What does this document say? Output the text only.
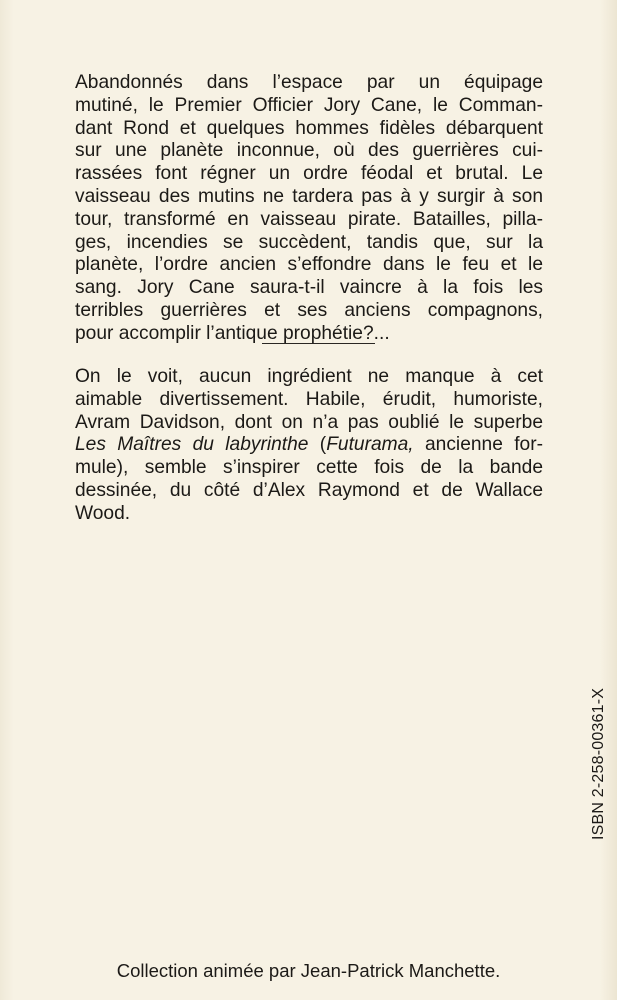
Abandonnés dans l’espace par un équipage
mutiné, le Premier Officier Jory Cane, le Comman-
dant Rond et quelques hommes fidèles débarquent
sur une planète inconnue, où des guerrières cui-
rassées font régner un ordre féodal et brutal. Le
vaisseau des mutins ne tardera pas à y surgir à son
tour, transformé en vaisseau pirate. Batailles, pilla-
ges, incendies se succèdent, tandis que, sur la
planète, l’ordre ancien s’effondre dans le feu et le
sang. Jory Cane saura-t-il vaincre à la fois les
terribles guerrières et ses anciens compagnons,
pour accomplir l’antique prophétie?...

On le voit, aucun ingrédient ne manque à cet
aimable divertissement. Habile, érudit, humoriste,
Avram Davidson, dont on n’a pas oublié le superbe
Les Maîtres du labyrinthe (Futurama, ancienne for-
mule), semble s’inspirer cette fois de la bande
dessinée, du côté d’Alex Raymond et de Wallace
Wood.

ISBN 2-258-00361-X
Collection animée par Jean-Patrick Manchette.
